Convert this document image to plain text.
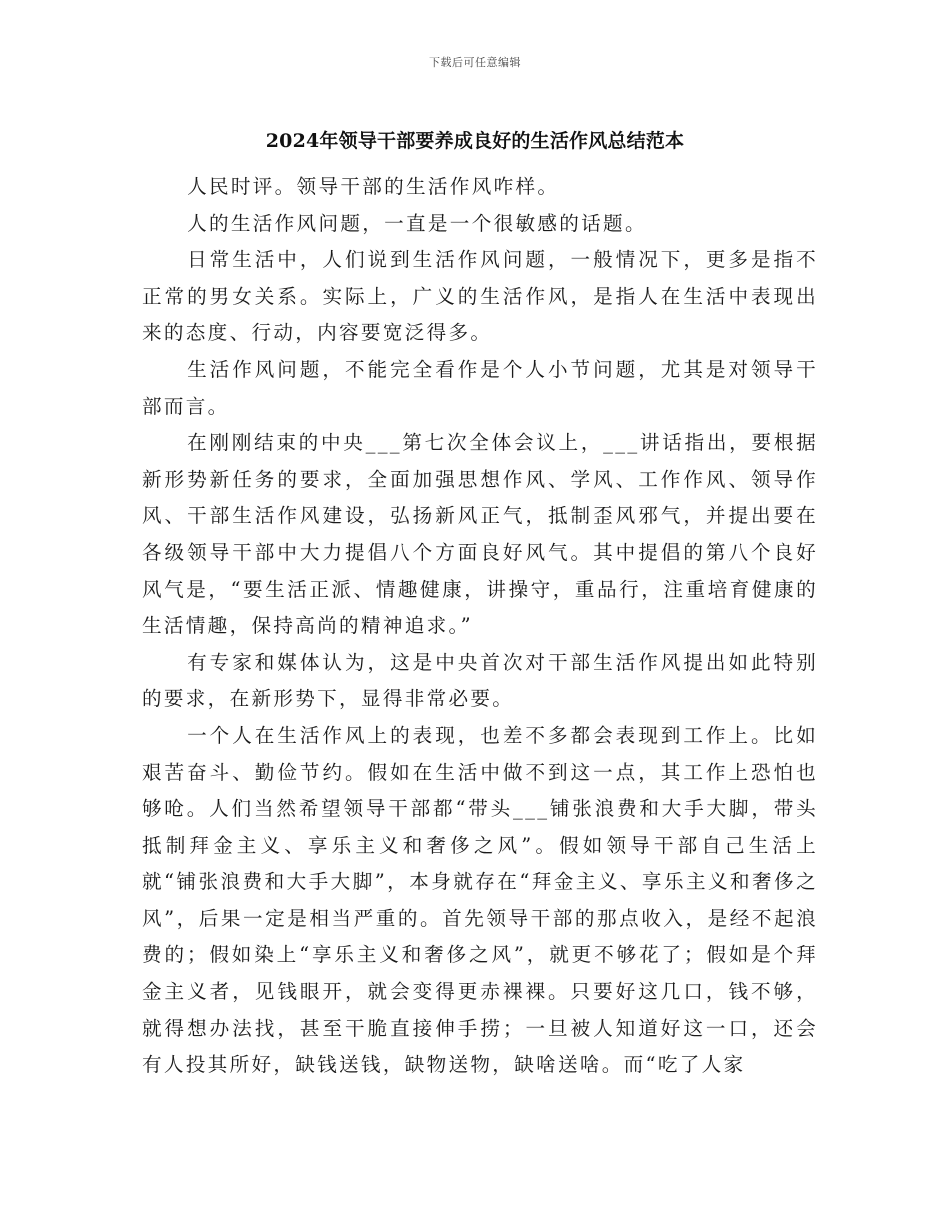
下载后可任意编辑
2024年领导干部要养成良好的生活作风总结范本

人民时评。领导干部的生活作风咋样。

人的生活作风问题，一直是一个很敏感的话题。

日常生活中，人们说到生活作风问题，一般情况下，更多是指不正常的男女关系。实际上，广义的生活作风，是指人在生活中表现出来的态度、行动，内容要宽泛得多。

生活作风问题，不能完全看作是个人小节问题，尤其是对领导干部而言。

在刚刚结束的中央___第七次全体会议上，___讲话指出，要根据新形势新任务的要求，全面加强思想作风、学风、工作作风、领导作风、干部生活作风建设，弘扬新风正气，抵制歪风邪气，并提出要在各级领导干部中大力提倡八个方面良好风气。其中提倡的第八个良好风气是，“要生活正派、情趣健康，讲操守，重品行，注重培育健康的生活情趣，保持高尚的精神追求。”

有专家和媒体认为，这是中央首次对干部生活作风提出如此特别的要求，在新形势下，显得非常必要。

一个人在生活作风上的表现，也差不多都会表现到工作上。比如艰苦奋斗、勤俭节约。假如在生活中做不到这一点，其工作上恐怕也够呛。人们当然希望领导干部都“带头___铺张浪费和大手大脚，带头抵制拜金主义、享乐主义和奢侈之风”。假如领导干部自己生活上就“铺张浪费和大手大脚”，本身就存在“拜金主义、享乐主义和奢侈之风”，后果一定是相当严重的。首先领导干部的那点收入，是经不起浪费的；假如染上“享乐主义和奢侈之风”，就更不够花了；假如是个拜金主义者，见钱眼开，就会变得更赤裸裸。只要好这几口，钱不够，就得想办法找，甚至干脆直接伸手捞；一旦被人知道好这一口，还会有人投其所好，缺钱送钱，缺物送物，缺啥送啥。而“吃了人家
